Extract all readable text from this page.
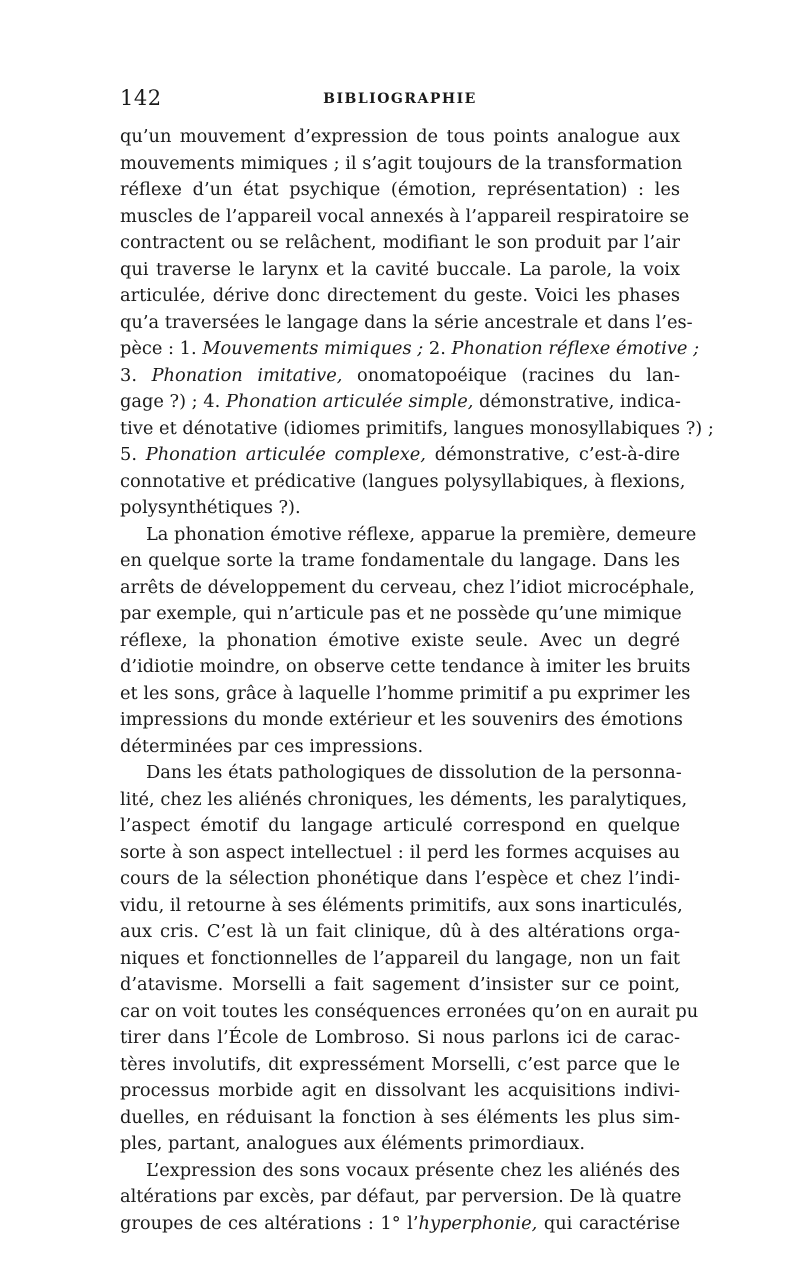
142	BIBLIOGRAPHIE
qu’un mouvement d’expression de tous points analogue aux
mouvements mimiques ; il s’agit toujours de la transformation
réflexe d’un état psychique (émotion, représentation) : les
muscles de l’appareil vocal annexés à l’appareil respiratoire se
contractent ou se relâchent, modifiant le son produit par l’air
qui traverse le larynx et la cavité buccale. La parole, la voix
articulée, dérive donc directement du geste. Voici les phases
qu’a traversées le langage dans la série ancestrale et dans l’es-
pèce : 1. Mouvements mimiques ; 2. Phonation réflexe émotive ;
3. Phonation imitative, onomatopoéique (racines du lan-
gage ?) ; 4. Phonation articulée simple, démonstrative, indica-
tive et dénotative (idiomes primitifs, langues monosyllabiques ?) ;
5. Phonation articulée complexe, démonstrative, c’est-à-dire
connotative et prédicative (langues polysyllabiques, à flexions,
polysynthétiques ?).
La phonation émotive réflexe, apparue la première, demeure
en quelque sorte la trame fondamentale du langage. Dans les
arrêts de développement du cerveau, chez l’idiot microcéphale,
par exemple, qui n’articule pas et ne possède qu’une mimique
réflexe, la phonation émotive existe seule. Avec un degré
d’idiotie moindre, on observe cette tendance à imiter les bruits
et les sons, grâce à laquelle l’homme primitif a pu exprimer les
impressions du monde extérieur et les souvenirs des émotions
déterminées par ces impressions.
Dans les états pathologiques de dissolution de la personna-
lité, chez les aliénés chroniques, les déments, les paralytiques,
l’aspect émotif du langage articulé correspond en quelque
sorte à son aspect intellectuel : il perd les formes acquises au
cours de la sélection phonétique dans l’espèce et chez l’indi-
vidu, il retourne à ses éléments primitifs, aux sons inarticulés,
aux cris. C’est là un fait clinique, dû à des altérations orga-
niques et fonctionnelles de l’appareil du langage, non un fait
d’atavisme. Morselli a fait sagement d’insister sur ce point,
car on voit toutes les conséquences erronées qu’on en aurait pu
tirer dans l’École de Lombroso. Si nous parlons ici de carac-
tères involutifs, dit expressément Morselli, c’est parce que le
processus morbide agit en dissolvant les acquisitions indivi-
duelles, en réduisant la fonction à ses éléments les plus sim-
ples, partant, analogues aux éléments primordiaux.
L’expression des sons vocaux présente chez les aliénés des
altérations par excès, par défaut, par perversion. De là quatre
groupes de ces altérations : 1° l’hyperphonie, qui caractérise
